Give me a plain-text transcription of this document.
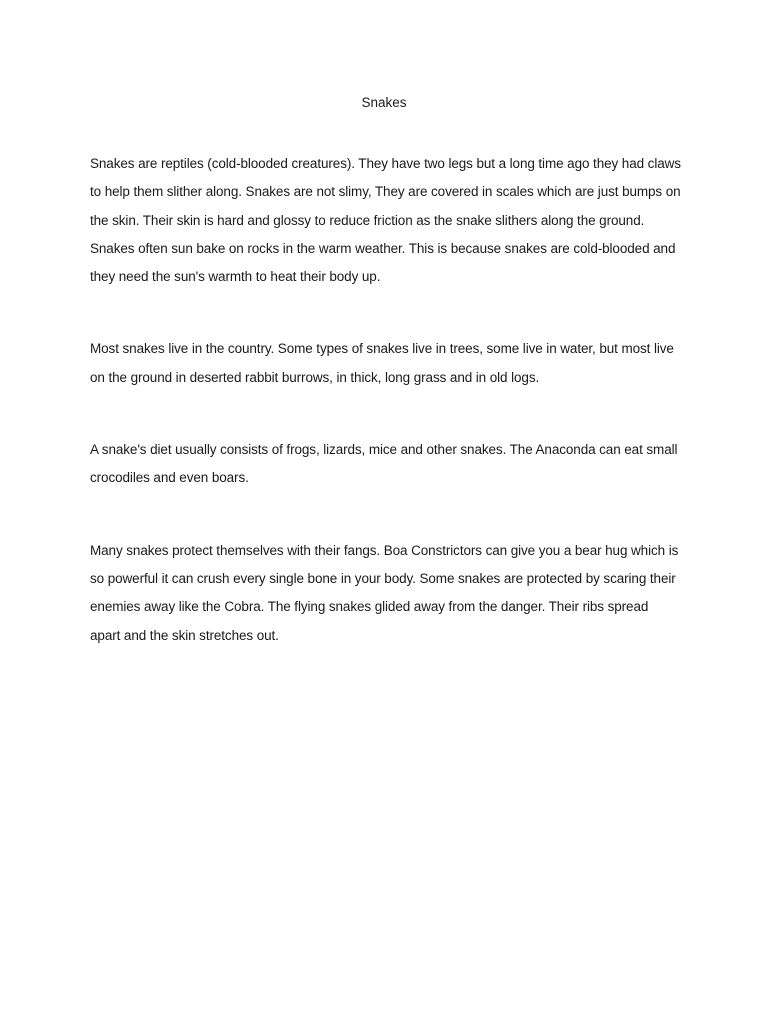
Snakes

Snakes are reptiles (cold-blooded creatures). They have two legs but a long time ago they had claws to help them slither along. Snakes are not slimy, They are covered in scales which are just bumps on the skin. Their skin is hard and glossy to reduce friction as the snake slithers along the ground. Snakes often sun bake on rocks in the warm weather. This is because snakes are cold-blooded and they need the sun's warmth to heat their body up.

Most snakes live in the country. Some types of snakes live in trees, some live in water, but most live on the ground in deserted rabbit burrows, in thick, long grass and in old logs.

A snake's diet usually consists of frogs, lizards, mice and other snakes. The Anaconda can eat small crocodiles and even boars.

Many snakes protect themselves with their fangs. Boa Constrictors can give you a bear hug which is so powerful it can crush every single bone in your body. Some snakes are protected by scaring their enemies away like the Cobra. The flying snakes glided away from the danger. Their ribs spread apart and the skin stretches out.
